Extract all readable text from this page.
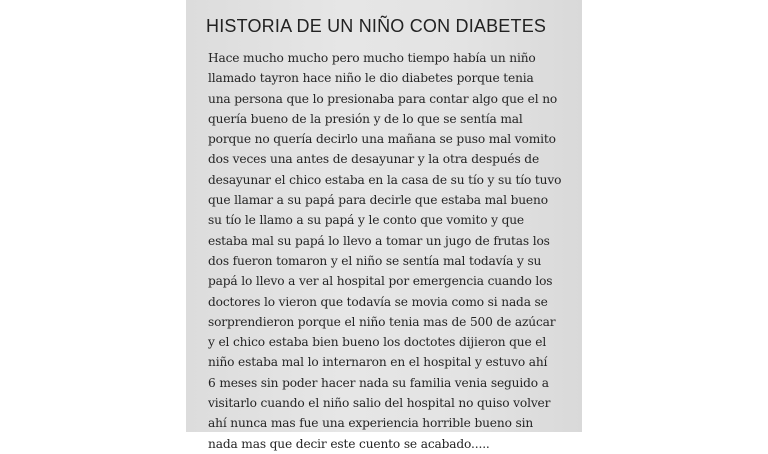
HISTORIA DE UN NIÑO CON DIABETES
Hace mucho mucho pero mucho tiempo había un niño
llamado tayron hace niño le dio diabetes porque tenia
una persona que lo presionaba para contar algo que el no
quería bueno de la presión y de lo que se sentía mal
porque no quería decirlo una mañana se puso mal vomito
dos veces una antes de desayunar y la otra después de
desayunar el chico estaba en la casa de su tío y su tío tuvo
que llamar a su papá para decirle que estaba mal bueno
su tío le llamo a su papá y le conto que vomito y que
estaba mal su papá lo llevo a tomar un jugo de frutas los
dos fueron tomaron y el niño se sentía mal todavía y su
papá lo llevo a ver al hospital por emergencia cuando los
doctores lo vieron que todavía se movia como si nada se
sorprendieron porque el niño tenia mas de 500 de azúcar
y el chico estaba bien bueno los doctotes dijieron que el
niño estaba mal lo internaron en el hospital y estuvo ahí
6 meses sin poder hacer nada su familia venia seguido a
visitarlo cuando el niño salio del hospital no quiso volver
ahí nunca mas fue una experiencia horrible bueno sin
nada mas que decir este cuento se acabado.....
